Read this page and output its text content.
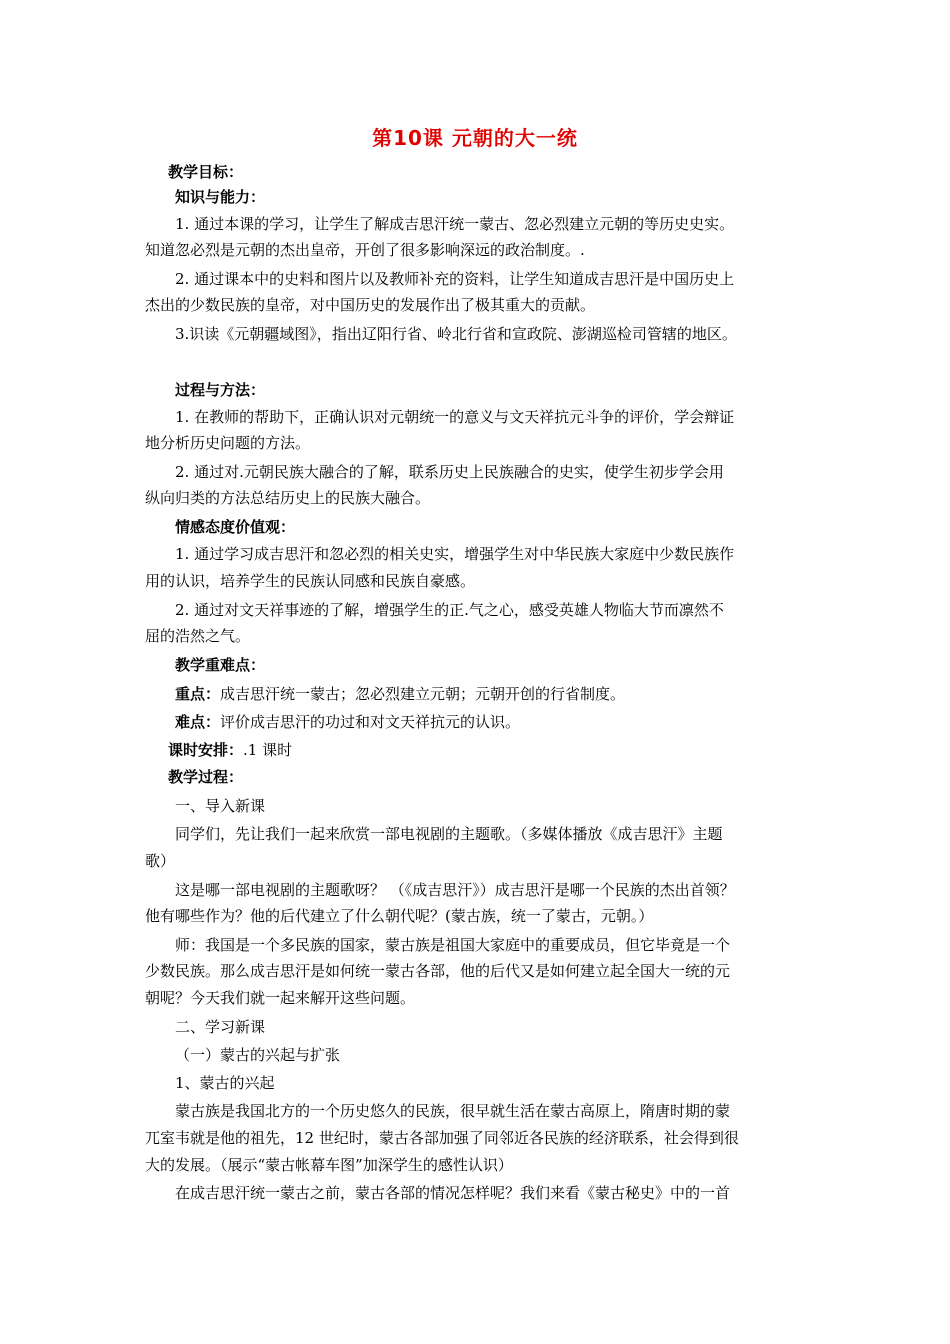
第10课 元朝的大一统
教学目标：
知识与能力：
1. 通过本课的学习，让学生了解成吉思汗统一蒙古、忽必烈建立元朝的等历史史实。
知道忽必烈是元朝的杰出皇帝，开创了很多影响深远的政治制度。.
2. 通过课本中的史料和图片以及教师补充的资料，让学生知道成吉思汗是中国历史上
杰出的少数民族的皇帝，对中国历史的发展作出了极其重大的贡献。
3.识读《元朝疆域图》，指出辽阳行省、岭北行省和宣政院、澎湖巡检司管辖的地区。
过程与方法：
1. 在教师的帮助下，正确认识对元朝统一的意义与文天祥抗元斗争的评价，学会辩证
地分析历史问题的方法。
2. 通过对.元朝民族大融合的了解，联系历史上民族融合的史实，使学生初步学会用
纵向归类的方法总结历史上的民族大融合。
情感态度价值观：
1. 通过学习成吉思汗和忽必烈的相关史实，增强学生对中华民族大家庭中少数民族作
用的认识，培养学生的民族认同感和民族自豪感。
2. 通过对文天祥事迹的了解，增强学生的正.气之心，感受英雄人物临大节而凛然不
屈的浩然之气。
教学重难点：
重点：成吉思汗统一蒙古；忽必烈建立元朝；元朝开创的行省制度。
难点：评价成吉思汗的功过和对文天祥抗元的认识。
课时安排：.1 课时
教学过程：
一、导入新课
同学们，先让我们一起来欣赏一部电视剧的主题歌。（多媒体播放《成吉思汗》主题
歌）
这是哪一部电视剧的主题歌呀？ （《成吉思汗》）成吉思汗是哪一个民族的杰出首领？
他有哪些作为？他的后代建立了什么朝代呢？(蒙古族，统一了蒙古，元朝。）
师：我国是一个多民族的国家，蒙古族是祖国大家庭中的重要成员，但它毕竟是一个
少数民族。那么成吉思汗是如何统一蒙古各部，他的后代又是如何建立起全国大一统的元
朝呢？今天我们就一起来解开这些问题。
二、学习新课
（一）蒙古的兴起与扩张
1、蒙古的兴起
蒙古族是我国北方的一个历史悠久的民族，很早就生活在蒙古高原上，隋唐时期的蒙
兀室韦就是他的祖先，12 世纪时，蒙古各部加强了同邻近各民族的经济联系，社会得到很
大的发展。（展示“蒙古帐幕车图”加深学生的感性认识）
在成吉思汗统一蒙古之前，蒙古各部的情况怎样呢？我们来看《蒙古秘史》中的一首
